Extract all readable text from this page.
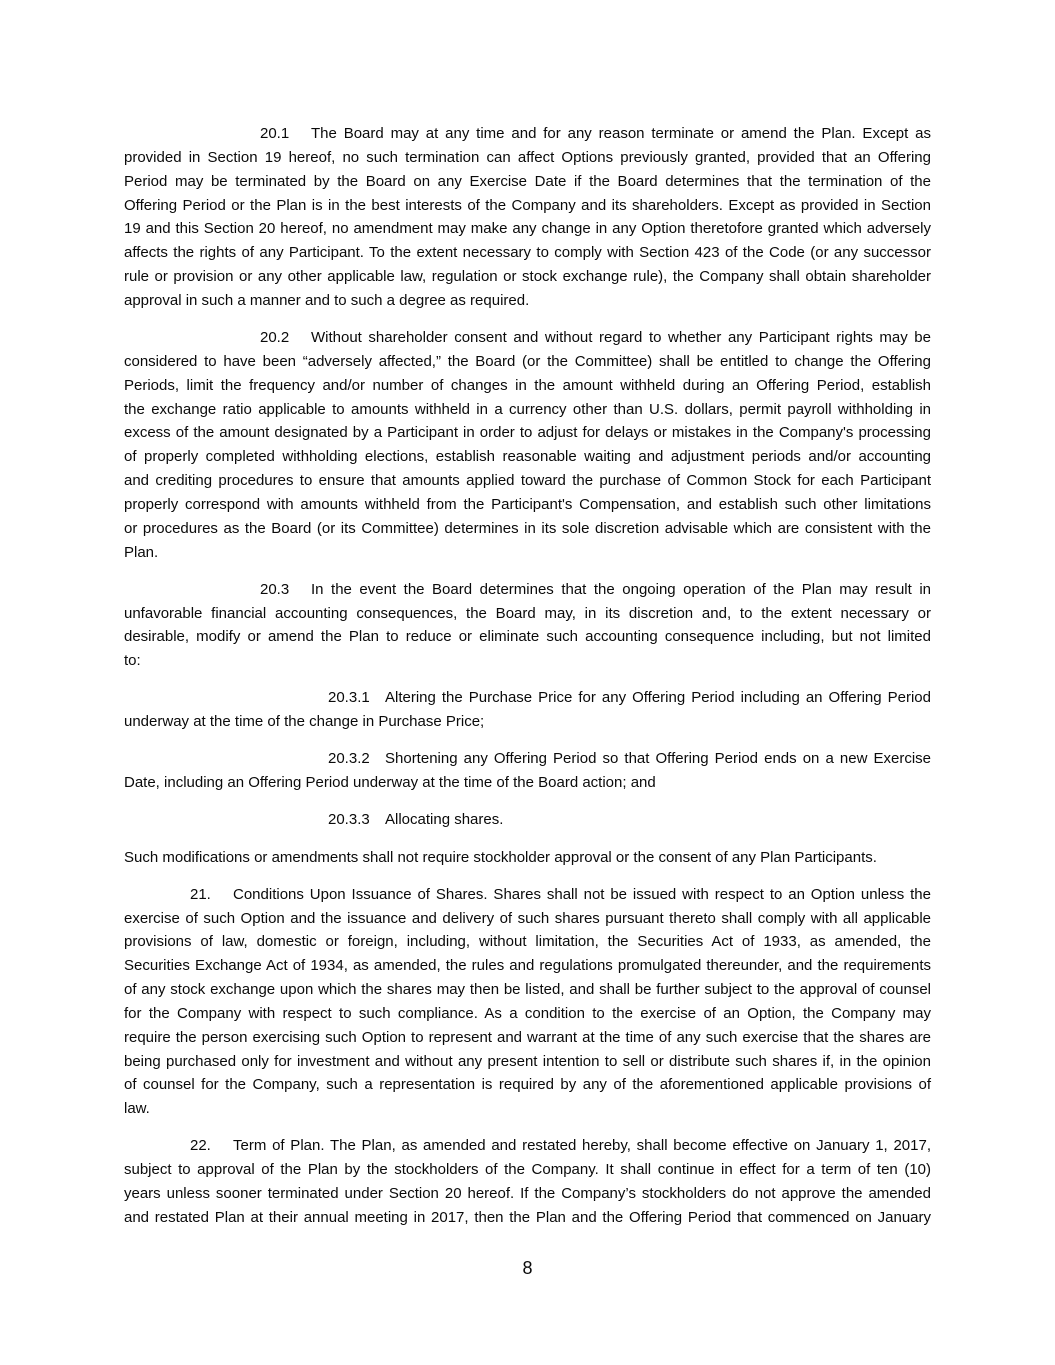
20.1 The Board may at any time and for any reason terminate or amend the Plan. Except as
provided in Section 19 hereof, no such termination can affect Options previously granted, provided that an Offering
Period may be terminated by the Board on any Exercise Date if the Board determines that the termination of the
Offering Period or the Plan is in the best interests of the Company and its shareholders. Except as provided in Section
19 and this Section 20 hereof, no amendment may make any change in any Option theretofore granted which adversely
affects the rights of any Participant. To the extent necessary to comply with Section 423 of the Code (or any successor
rule or provision or any other applicable law, regulation or stock exchange rule), the Company shall obtain shareholder
approval in such a manner and to such a degree as required.
20.2 Without shareholder consent and without regard to whether any Participant rights may be
considered to have been “adversely affected,” the Board (or the Committee) shall be entitled to change the Offering
Periods, limit the frequency and/or number of changes in the amount withheld during an Offering Period, establish
the exchange ratio applicable to amounts withheld in a currency other than U.S. dollars, permit payroll withholding in
excess of the amount designated by a Participant in order to adjust for delays or mistakes in the Company's processing
of properly completed withholding elections, establish reasonable waiting and adjustment periods and/or accounting
and crediting procedures to ensure that amounts applied toward the purchase of Common Stock for each Participant
properly correspond with amounts withheld from the Participant's Compensation, and establish such other limitations
or procedures as the Board (or its Committee) determines in its sole discretion advisable which are consistent with the
Plan.
20.3 In the event the Board determines that the ongoing operation of the Plan may result in
unfavorable financial accounting consequences, the Board may, in its discretion and, to the extent necessary or
desirable, modify or amend the Plan to reduce or eliminate such accounting consequence including, but not limited
to:
20.3.1 Altering the Purchase Price for any Offering Period including an Offering Period
underway at the time of the change in Purchase Price;
20.3.2 Shortening any Offering Period so that Offering Period ends on a new Exercise
Date, including an Offering Period underway at the time of the Board action; and
20.3.3 Allocating shares.
Such modifications or amendments shall not require stockholder approval or the consent of any Plan Participants.
21. Conditions Upon Issuance of Shares. Shares shall not be issued with respect to an Option unless the
exercise of such Option and the issuance and delivery of such shares pursuant thereto shall comply with all applicable
provisions of law, domestic or foreign, including, without limitation, the Securities Act of 1933, as amended, the
Securities Exchange Act of 1934, as amended, the rules and regulations promulgated thereunder, and the requirements
of any stock exchange upon which the shares may then be listed, and shall be further subject to the approval of counsel
for the Company with respect to such compliance. As a condition to the exercise of an Option, the Company may
require the person exercising such Option to represent and warrant at the time of any such exercise that the shares are
being purchased only for investment and without any present intention to sell or distribute such shares if, in the opinion
of counsel for the Company, such a representation is required by any of the aforementioned applicable provisions of
law.
22. Term of Plan. The Plan, as amended and restated hereby, shall become effective on January 1, 2017,
subject to approval of the Plan by the stockholders of the Company. It shall continue in effect for a term of ten (10)
years unless sooner terminated under Section 20 hereof. If the Company’s stockholders do not approve the amended
and restated Plan at their annual meeting in 2017, then the Plan and the Offering Period that commenced on January
8
